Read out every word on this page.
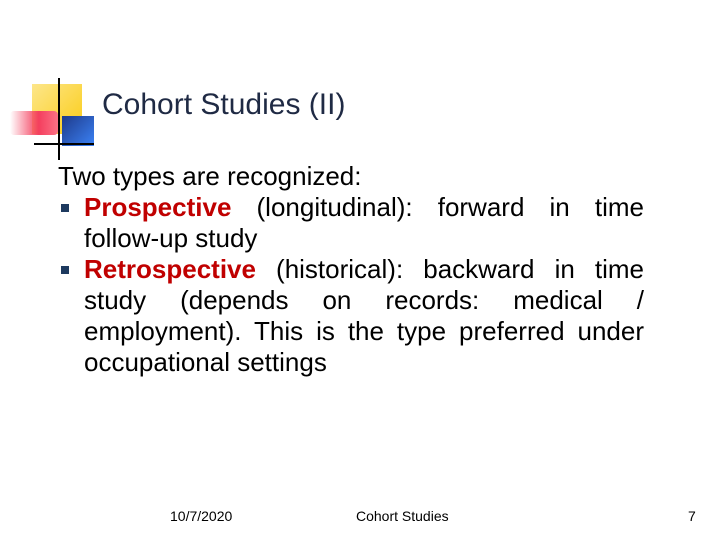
Cohort Studies (II)
Two types are recognized:
Prospective (longitudinal): forward in time follow-up study
Retrospective (historical): backward in time study (depends on records: medical / employment). This is the type preferred under occupational settings
10/7/2020	Cohort Studies	7
